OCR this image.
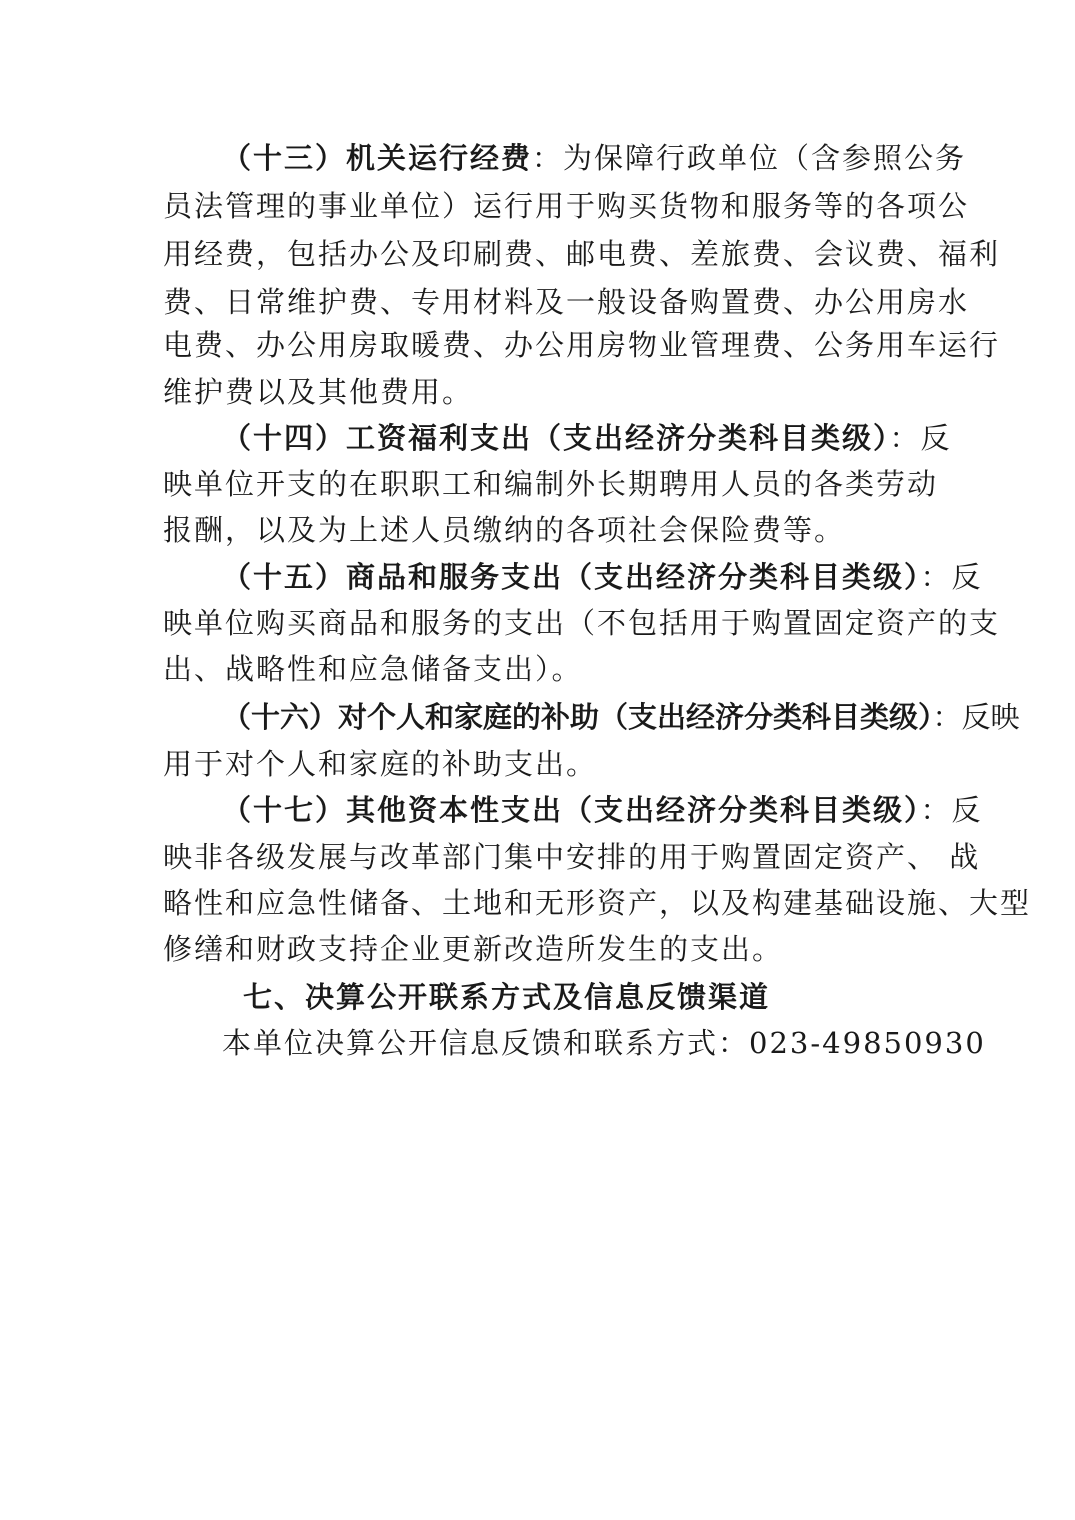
（十三）机关运行经费：为保障行政单位（含参照公务
员法管理的事业单位）运行用于购买货物和服务等的各项公
用经费，包括办公及印刷费、邮电费、差旅费、会议费、福利
费、日常维护费、专用材料及一般设备购置费、办公用房水
电费、办公用房取暖费、办公用房物业管理费、公务用车运行
维护费以及其他费用。
（十四）工资福利支出（支出经济分类科目类级）：反
映单位开支的在职职工和编制外长期聘用人员的各类劳动
报酬，以及为上述人员缴纳的各项社会保险费等。
（十五）商品和服务支出（支出经济分类科目类级）：反
映单位购买商品和服务的支出（不包括用于购置固定资产的支
出、战略性和应急储备支出）。
（十六）对个人和家庭的补助（支出经济分类科目类级）：反映
用于对个人和家庭的补助支出。
（十七）其他资本性支出（支出经济分类科目类级）：反
映非各级发展与改革部门集中安排的用于购置固定资产、 战
略性和应急性储备、土地和无形资产，以及构建基础设施、大型
修缮和财政支持企业更新改造所发生的支出。
七、决算公开联系方式及信息反馈渠道
本单位决算公开信息反馈和联系方式：023-49850930
